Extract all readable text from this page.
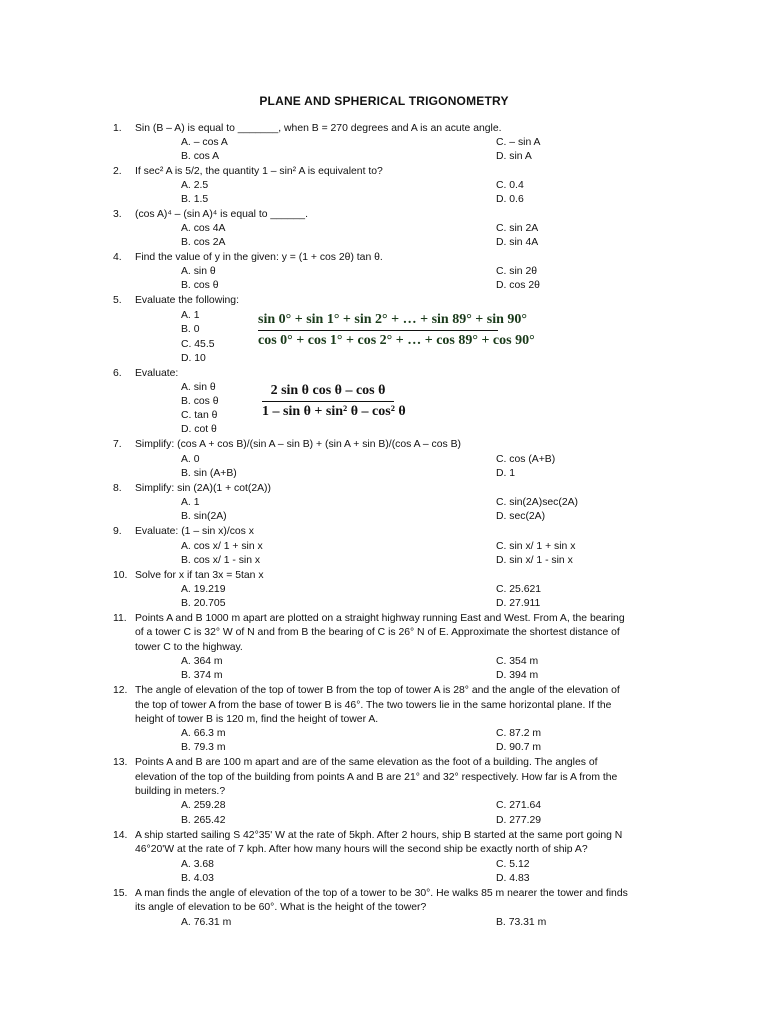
PLANE AND SPHERICAL TRIGONOMETRY
1.	Sin (B – A) is equal to _______, when B = 270 degrees and A is an acute angle.
A. – cos A	C. – sin A
B. cos A	D. sin A
2.	If sec² A is 5/2, the quantity 1 – sin² A is equivalent to?
A. 2.5	C. 0.4
B. 1.5	D. 0.6
3.	(cos A)⁴ – (sin A)⁴ is equal to ______.
A. cos 4A	C. sin 2A
B. cos 2A	D. sin 4A
4.	Find the value of y in the given: y = (1 + cos 2θ) tan θ.
A. sin θ	C. sin 2θ
B. cos θ	D. cos 2θ
5.	Evaluate the following:
A. 1
B. 0
C. 45.5
D. 10
sin 0° + sin 1° + sin 2° + … + sin 89° + sin 90°
cos 0° + cos 1° + cos 2° + … + cos 89° + cos 90°
6.	Evaluate:
A. sin θ
B. cos θ
C. tan θ
D. cot θ
2 sin θ cos θ – cos θ
1 – sin θ + sin² θ – cos² θ
7.	Simplify: (cos A + cos B)/(sin A – sin B) + (sin A + sin B)/(cos A – cos B)
A. 0	C. cos (A+B)
B. sin (A+B)	D. 1
8.	Simplify: sin (2A)(1 + cot(2A))
A. 1	C. sin(2A)sec(2A)
B. sin(2A)	D. sec(2A)
9.	Evaluate: (1 – sin x)/cos x
A. cos x/ 1 + sin x	C. sin x/ 1 + sin x
B. cos x/ 1 - sin x	D. sin x/ 1 - sin x
10. Solve for x if tan 3x = 5tan x
A. 19.219	C. 25.621
B. 20.705	D. 27.911
11. Points A and B 1000 m apart are plotted on a straight highway running East and West. From A, the bearing
of a tower C is 32° W of N and from B the bearing of C is 26° N of E. Approximate the shortest distance of
tower C to the highway.
A. 364 m	C. 354 m
B. 374 m	D. 394 m
12. The angle of elevation of the top of tower B from the top of tower A is 28° and the angle of the elevation of
the top of tower A from the base of tower B is 46°. The two towers lie in the same horizontal plane. If the
height of tower B is 120 m, find the height of tower A.
A. 66.3 m	C. 87.2 m
B. 79.3 m	D. 90.7 m
13. Points A and B are 100 m apart and are of the same elevation as the foot of a building. The angles of
elevation of the top of the building from points A and B are 21° and 32° respectively. How far is A from the
building in meters.?
A. 259.28	C. 271.64
B. 265.42	D. 277.29
14. A ship started sailing S 42°35' W at the rate of 5kph. After 2 hours, ship B started at the same port going N
46°20'W at the rate of 7 kph. After how many hours will the second ship be exactly north of ship A?
A. 3.68	C. 5.12
B. 4.03	D. 4.83
15. A man finds the angle of elevation of the top of a tower to be 30°. He walks 85 m nearer the tower and finds
its angle of elevation to be 60°. What is the height of the tower?
A. 76.31 m	B. 73.31 m
